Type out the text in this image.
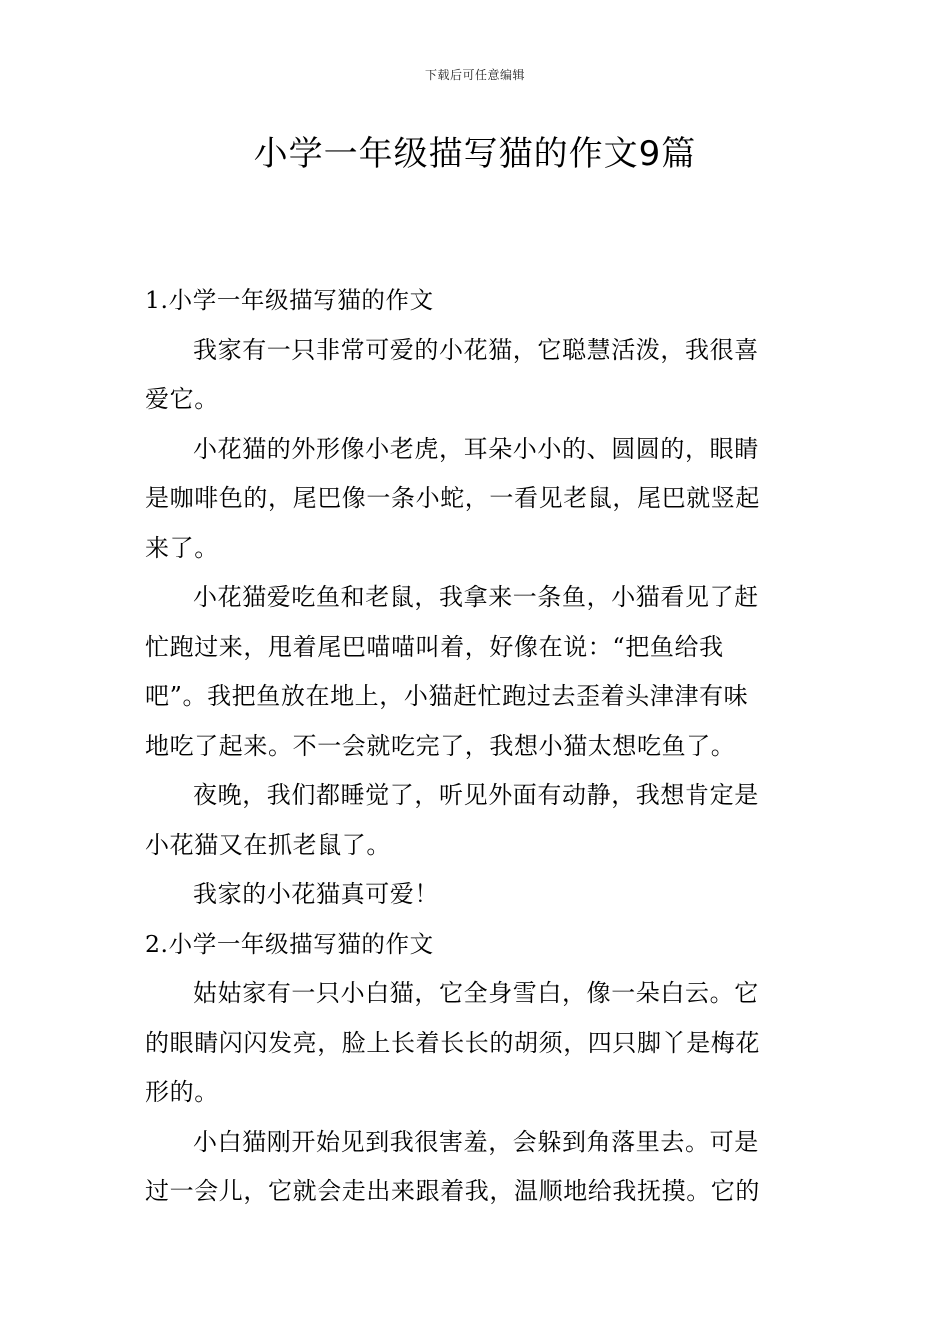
下载后可任意编辑
小学一年级描写猫的作文9篇
1.小学一年级描写猫的作文
我家有一只非常可爱的小花猫，它聪慧活泼，我很喜
爱它。
小花猫的外形像小老虎，耳朵小小的、圆圆的，眼睛
是咖啡色的，尾巴像一条小蛇，一看见老鼠，尾巴就竖起
来了。
小花猫爱吃鱼和老鼠，我拿来一条鱼，小猫看见了赶
忙跑过来，甩着尾巴喵喵叫着，好像在说：“把鱼给我
吧”。我把鱼放在地上，小猫赶忙跑过去歪着头津津有味
地吃了起来。不一会就吃完了，我想小猫太想吃鱼了。
夜晚，我们都睡觉了，听见外面有动静，我想肯定是
小花猫又在抓老鼠了。
我家的小花猫真可爱！
2.小学一年级描写猫的作文
姑姑家有一只小白猫，它全身雪白，像一朵白云。它
的眼睛闪闪发亮，脸上长着长长的胡须，四只脚丫是梅花
形的。
小白猫刚开始见到我很害羞，会躲到角落里去。可是
过一会儿，它就会走出来跟着我，温顺地给我抚摸。它的
